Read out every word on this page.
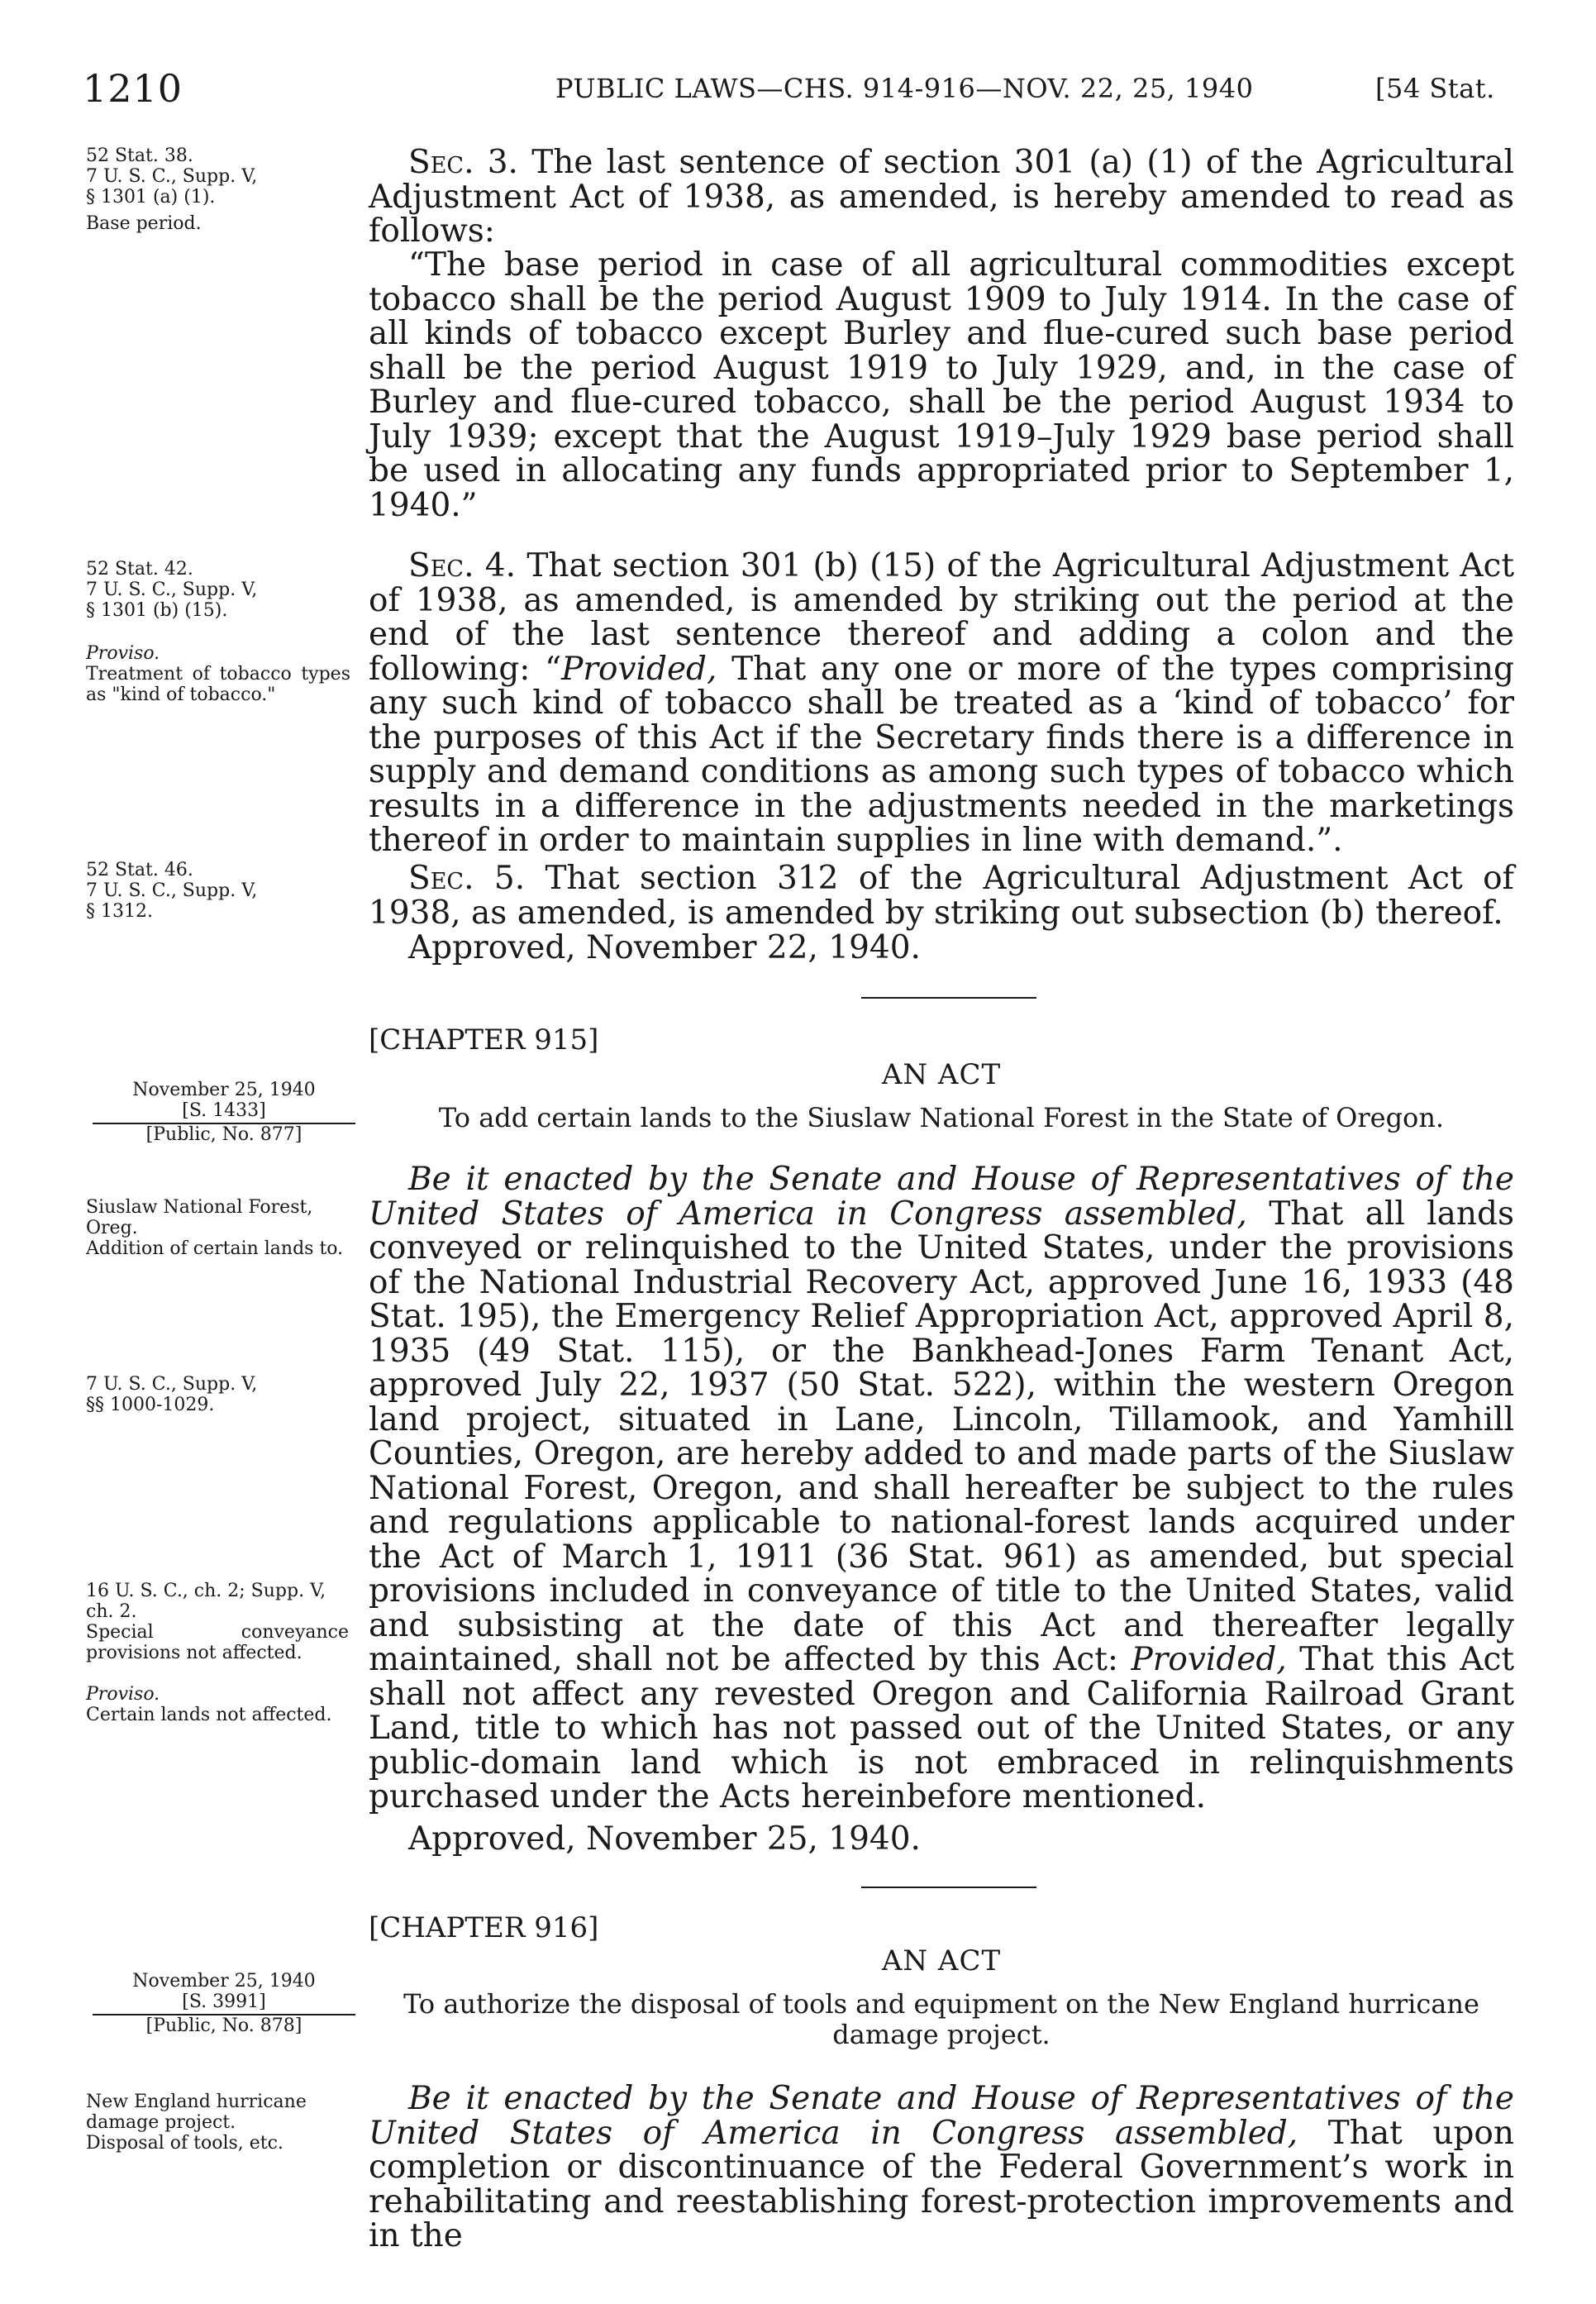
1210	PUBLIC LAWS—CHS. 914-916—NOV. 22, 25, 1940	[54 Stat.
52 Stat. 38.
7 U. S. C., Supp. V,
§ 1301 (a) (1).
Base period.
Sec. 3. The last sentence of section 301 (a) (1) of the Agricultural Adjustment Act of 1938, as amended, is hereby amended to read as follows:
“The base period in case of all agricultural commodities except tobacco shall be the period August 1909 to July 1914. In the case of all kinds of tobacco except Burley and flue-cured such base period shall be the period August 1919 to July 1929, and, in the case of Burley and flue-cured tobacco, shall be the period August 1934 to July 1939; except that the August 1919–July 1929 base period shall be used in allocating any funds appropriated prior to September 1, 1940.”
52 Stat. 42.
7 U. S. C., Supp. V,
§ 1301 (b) (15).
Proviso.
Treatment of tobacco types as "kind of tobacco."
Sec. 4. That section 301 (b) (15) of the Agricultural Adjustment Act of 1938, as amended, is amended by striking out the period at the end of the last sentence thereof and adding a colon and the following: “Provided, That any one or more of the types comprising any such kind of tobacco shall be treated as a ‘kind of tobacco’ for the purposes of this Act if the Secretary finds there is a difference in supply and demand conditions as among such types of tobacco which results in a difference in the adjustments needed in the marketings thereof in order to maintain supplies in line with demand.”.
52 Stat. 46.
7 U. S. C., Supp. V,
§ 1312.
Sec. 5. That section 312 of the Agricultural Adjustment Act of 1938, as amended, is amended by striking out subsection (b) thereof.
Approved, November 22, 1940.
[CHAPTER 915]
AN ACT
To add certain lands to the Siuslaw National Forest in the State of Oregon.
November 25, 1940
[S. 1433]
[Public, No. 877]
Siuslaw National Forest, Oreg.
Addition of certain lands to.
7 U. S. C., Supp. V,
§§ 1000-1029.
16 U. S. C., ch. 2; Supp. V, ch. 2.
Special conveyance provisions not affected.
Proviso.
Certain lands not affected.
Be it enacted by the Senate and House of Representatives of the United States of America in Congress assembled, That all lands conveyed or relinquished to the United States, under the provisions of the National Industrial Recovery Act, approved June 16, 1933 (48 Stat. 195), the Emergency Relief Appropriation Act, approved April 8, 1935 (49 Stat. 115), or the Bankhead-Jones Farm Tenant Act, approved July 22, 1937 (50 Stat. 522), within the western Oregon land project, situated in Lane, Lincoln, Tillamook, and Yamhill Counties, Oregon, are hereby added to and made parts of the Siuslaw National Forest, Oregon, and shall hereafter be subject to the rules and regulations applicable to national-forest lands acquired under the Act of March 1, 1911 (36 Stat. 961) as amended, but special provisions included in conveyance of title to the United States, valid and subsisting at the date of this Act and thereafter legally maintained, shall not be affected by this Act: Provided, That this Act shall not affect any revested Oregon and California Railroad Grant Land, title to which has not passed out of the United States, or any public-domain land which is not embraced in relinquishments purchased under the Acts hereinbefore mentioned.
Approved, November 25, 1940.
[CHAPTER 916]
AN ACT
To authorize the disposal of tools and equipment on the New England hurricane damage project.
November 25, 1940
[S. 3991]
[Public, No. 878]
New England hurricane damage project.
Disposal of tools, etc.
Be it enacted by the Senate and House of Representatives of the United States of America in Congress assembled, That upon completion or discontinuance of the Federal Government’s work in rehabilitating and reestablishing forest-protection improvements and in the
